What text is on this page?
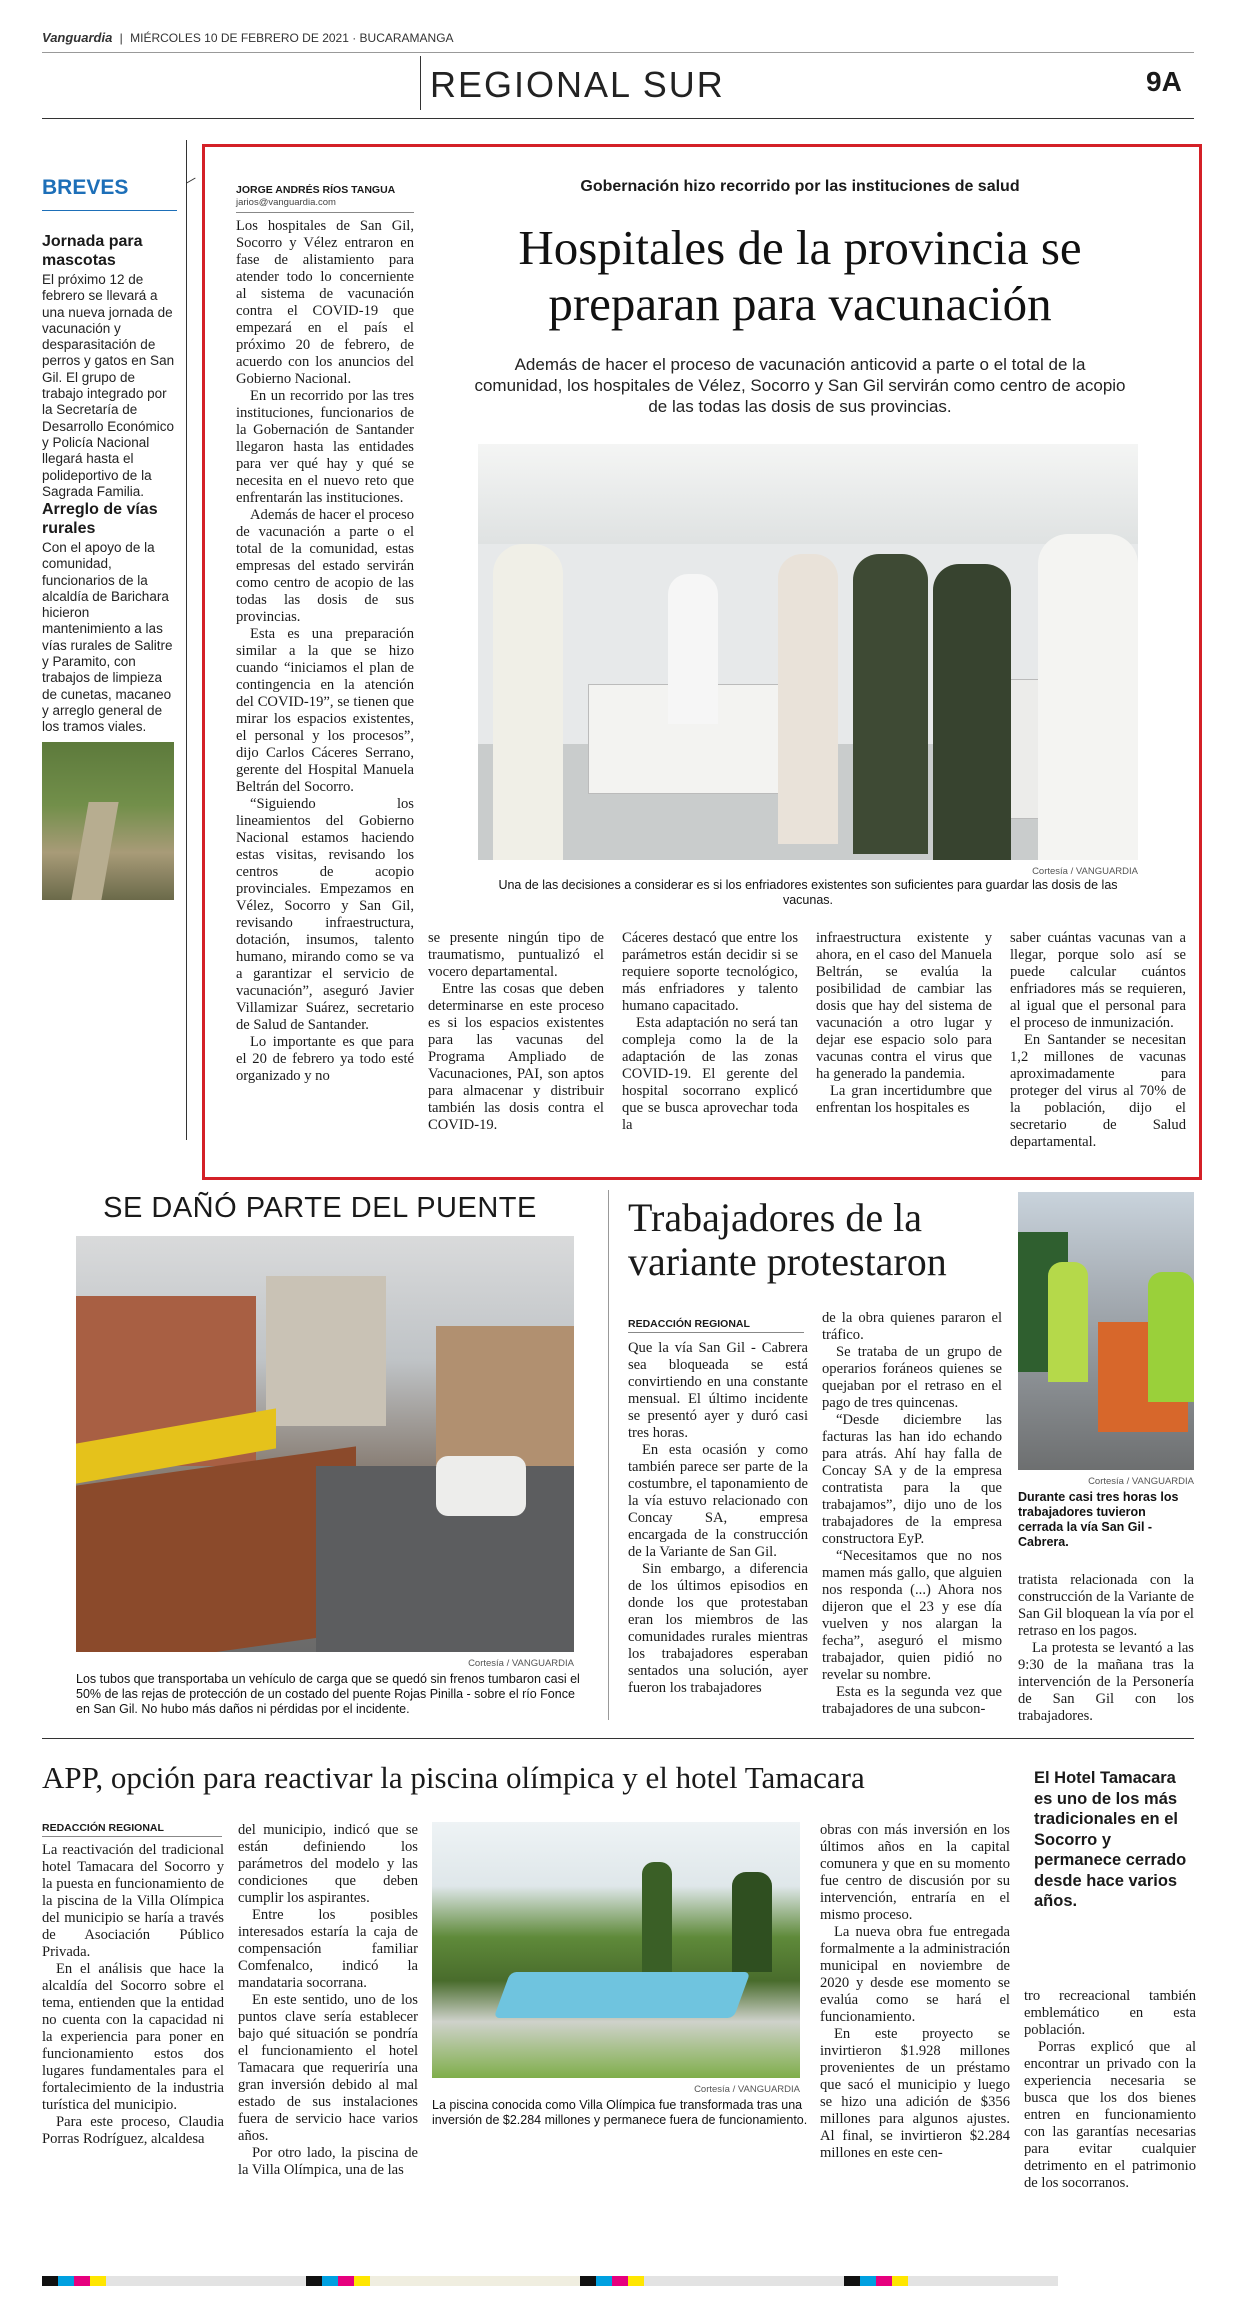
Vanguardia | MIÉRCOLES 10 DE FEBRERO DE 2021 · BUCARAMANGA
REGIONAL SUR	9A
BREVES
Jornada para mascotas
El próximo 12 de febrero se llevará a una nueva jornada de vacunación y desparasitación de perros y gatos en San Gil. El grupo de trabajo integrado por la Secretaría de Desarrollo Económico y Policía Nacional llegará hasta el polideportivo de la Sagrada Familia.
Arreglo de vías rurales
Con el apoyo de la comunidad, funcionarios de la alcaldía de Barichara hicieron mantenimiento a las vías rurales de Salitre y Paramito, con trabajos de limpieza de cunetas, macaneo y arreglo general de los tramos viales.
JORGE ANDRÉS RÍOS TANGUA
jarios@vanguardia.com
Gobernación hizo recorrido por las instituciones de salud
Hospitales de la provincia se preparan para vacunación
Además de hacer el proceso de vacunación anticovid a parte o el total de la comunidad, los hospitales de Vélez, Socorro y San Gil servirán como centro de acopio de las todas las dosis de sus provincias.
Cortesía / VANGUARDIA
Una de las decisiones a considerar es si los enfriadores existentes son suficientes para guardar las dosis de las vacunas.

Los hospitales de San Gil, Socorro y Vélez entraron en fase de alistamiento para atender todo lo concerniente al sistema de vacunación contra el COVID-19 que empezará en el país el próximo 20 de febrero, de acuerdo con los anuncios del Gobierno Nacional.

En un recorrido por las tres instituciones, funcionarios de la Gobernación de Santander llegaron hasta las entidades para ver qué hay y qué se necesita en el nuevo reto que enfrentarán las instituciones.

Además de hacer el proceso de vacunación a parte o el total de la comunidad, estas empresas del estado servirán como centro de acopio de las todas las dosis de sus provincias.

Esta es una preparación similar a la que se hizo cuando “iniciamos el plan de contingencia en la atención del COVID-19”, se tienen que mirar los espacios existentes, el personal y los procesos”, dijo Carlos Cáceres Serrano, gerente del Hospital Manuela Beltrán del Socorro.

“Siguiendo los lineamientos del Gobierno Nacional estamos haciendo estas visitas, revisando los centros de acopio provinciales. Empezamos en Vélez, Socorro y San Gil, revisando infraestructura, dotación, insumos, talento humano, mirando como se va a garantizar el servicio de vacunación”, aseguró Javier Villamizar Suárez, secretario de Salud de Santander.

Lo importante es que para el 20 de febrero ya todo esté organizado y no

se presente ningún tipo de traumatismo, puntualizó el vocero departamental.

Entre las cosas que deben determinarse en este proceso es si los espacios existentes para las vacunas del Programa Ampliado de Vacunaciones, PAI, son aptos para almacenar y distribuir también las dosis contra el COVID-19.

Cáceres destacó que entre los parámetros están decidir si se requiere soporte tecnológico, más enfriadores y talento humano capacitado.

Esta adaptación no será tan compleja como la de la adaptación de las zonas COVID-19. El gerente del hospital socorrano explicó que se busca aprovechar toda la

infraestructura existente y ahora, en el caso del Manuela Beltrán, se evalúa la posibilidad de cambiar las dosis que hay del sistema de vacunación a otro lugar y dejar ese espacio solo para vacunas contra el virus que ha generado la pandemia.

La gran incertidumbre que enfrentan los hospitales es

saber cuántas vacunas van a llegar, porque solo así se puede calcular cuántos enfriadores más se requieren, al igual que el personal para el proceso de inmunización.

En Santander se necesitan 1,2 millones de vacunas aproximadamente para proteger del virus al 70% de la población, dijo el secretario de Salud departamental.

SE DAÑÓ PARTE DEL PUENTE
Cortesía / VANGUARDIA
Los tubos que transportaba un vehículo de carga que se quedó sin frenos tumbaron casi el 50% de las rejas de protección de un costado del puente Rojas Pinilla - sobre el río Fonce en San Gil. No hubo más daños ni pérdidas por el incidente.
Trabajadores de la variante protestaron
REDACCIÓN REGIONAL

Que la vía San Gil - Cabrera sea bloqueada se está convirtiendo en una constante mensual. El último incidente se presentó ayer y duró casi tres horas.

En esta ocasión y como también parece ser parte de la costumbre, el taponamiento de la vía estuvo relacionado con Concay SA, empresa encargada de la construcción de la Variante de San Gil.

Sin embargo, a diferencia de los últimos episodios en donde los que protestaban eran los miembros de las comunidades rurales mientras los trabajadores esperaban sentados una solución, ayer fueron los trabajadores

de la obra quienes pararon el tráfico.

Se trataba de un grupo de operarios foráneos quienes se quejaban por el retraso en el pago de tres quincenas.

“Desde diciembre las facturas las han ido echando para atrás. Ahí hay falla de Concay SA y de la empresa contratista para la que trabajamos”, dijo uno de los trabajadores de la empresa constructora EyP.

“Necesitamos que no nos mamen más gallo, que alguien nos responda (...) Ahora nos dijeron que el 23 y ese día vuelven y nos alargan la fecha”, aseguró el mismo trabajador, quien pidió no revelar su nombre.

Esta es la segunda vez que trabajadores de una subcon-

Cortesía / VANGUARDIA
Durante casi tres horas los trabajadores tuvieron cerrada la vía San Gil - Cabrera.

tratista relacionada con la construcción de la Variante de San Gil bloquean la vía por el retraso en los pagos.

La protesta se levantó a las 9:30 de la mañana tras la intervención de la Personería de San Gil con los trabajadores.

APP, opción para reactivar la piscina olímpica y el hotel Tamacara	El Hotel Tamacara es uno de los más tradicionales en el Socorro y permanece cerrado desde hace varios años.
REDACCIÓN REGIONAL

La reactivación del tradicional hotel Tamacara del Socorro y la puesta en funcionamiento de la piscina de la Villa Olímpica del municipio se haría a través de Asociación Público Privada.

En el análisis que hace la alcaldía del Socorro sobre el tema, entienden que la entidad no cuenta con la capacidad ni la experiencia para poner en funcionamiento estos dos lugares fundamentales para el fortalecimiento de la industria turística del municipio.

Para este proceso, Claudia Porras Rodríguez, alcaldesa

del municipio, indicó que se están definiendo los parámetros del modelo y las condiciones que deben cumplir los aspirantes.

Entre los posibles interesados estaría la caja de compensación familiar Comfenalco, indicó la mandataria socorrana.

En este sentido, uno de los puntos clave sería establecer bajo qué situación se pondría el funcionamiento el hotel Tamacara que requeriría una gran inversión debido al mal estado de sus instalaciones fuera de servicio hace varios años.

Por otro lado, la piscina de la Villa Olímpica, una de las

Cortesía / VANGUARDIA
La piscina conocida como Villa Olímpica fue transformada tras una inversión de $2.284 millones y permanece fuera de funcionamiento.

obras con más inversión en los últimos años en la capital comunera y que en su momento fue centro de discusión por su intervención, entraría en el mismo proceso.

La nueva obra fue entregada formalmente a la administración municipal en noviembre de 2020 y desde ese momento se evalúa como se hará el funcionamiento.

En este proyecto se invirtieron $1.928 millones provenientes de un préstamo que sacó el municipio y luego se hizo una adición de $356 millones para algunos ajustes. Al final, se invirtieron $2.284 millones en este cen-

tro recreacional también emblemático en esta población.

Porras explicó que al encontrar un privado con la experiencia necesaria se busca que los dos bienes entren en funcionamiento con las garantías necesarias para evitar cualquier detrimento en el patrimonio de los socorranos.
